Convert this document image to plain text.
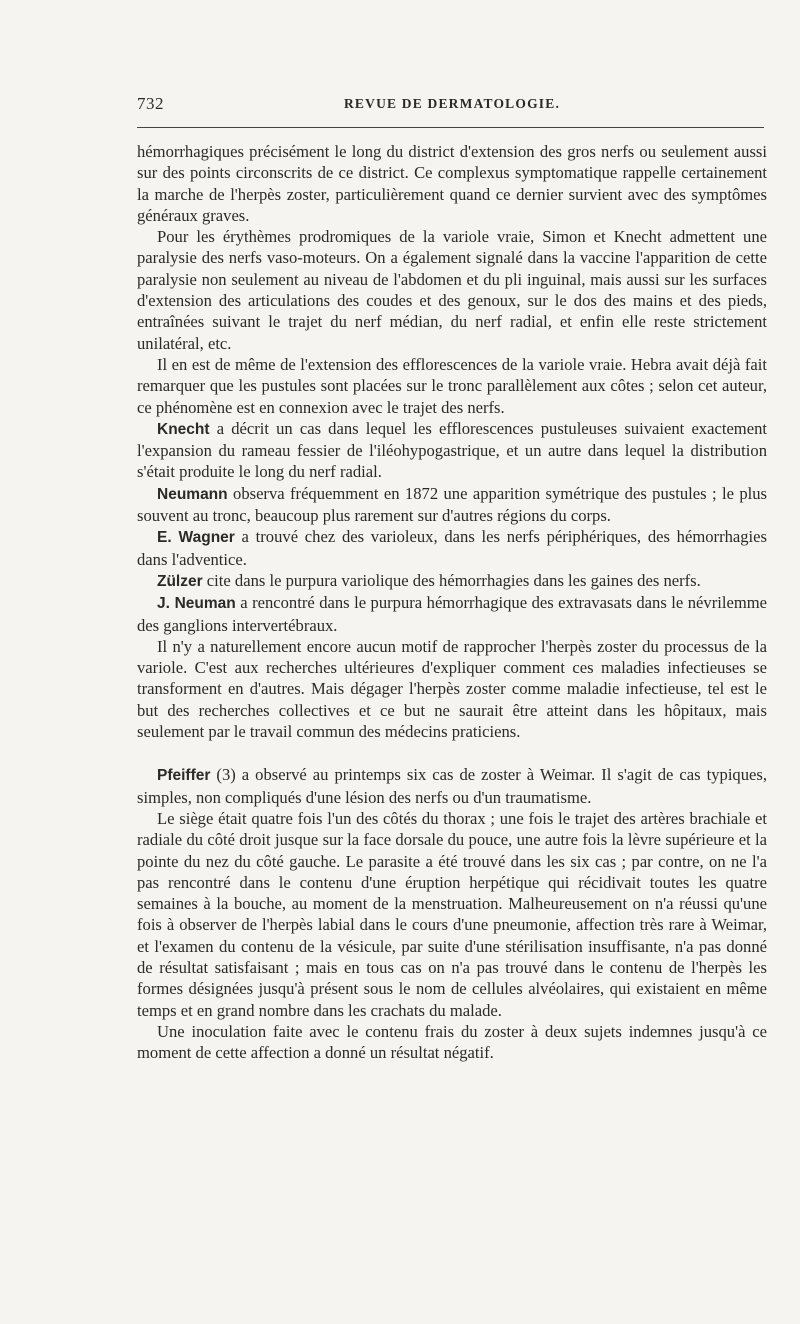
732	REVUE DE DERMATOLOGIE.

hémorrhagiques précisément le long du district d'extension des gros nerfs ou seulement aussi sur des points circonscrits de ce district. Ce complexus symptomatique rappelle certainement la marche de l'herpès zoster, particulièrement quand ce dernier survient avec des symptômes généraux graves.

Pour les érythèmes prodromiques de la variole vraie, Simon et Knecht admettent une paralysie des nerfs vaso-moteurs. On a également signalé dans la vaccine l'apparition de cette paralysie non seulement au niveau de l'abdomen et du pli inguinal, mais aussi sur les surfaces d'extension des articulations des coudes et des genoux, sur le dos des mains et des pieds, entraînées suivant le trajet du nerf médian, du nerf radial, et enfin elle reste strictement unilatéral, etc.

Il en est de même de l'extension des efflorescences de la variole vraie. Hebra avait déjà fait remarquer que les pustules sont placées sur le tronc parallèlement aux côtes ; selon cet auteur, ce phénomène est en connexion avec le trajet des nerfs.

Knecht a décrit un cas dans lequel les efflorescences pustuleuses suivaient exactement l'expansion du rameau fessier de l'iléohypogastrique, et un autre dans lequel la distribution s'était produite le long du nerf radial.

Neumann observa fréquemment en 1872 une apparition symétrique des pustules ; le plus souvent au tronc, beaucoup plus rarement sur d'autres régions du corps.

E. Wagner a trouvé chez des varioleux, dans les nerfs périphériques, des hémorrhagies dans l'adventice.

Zülzer cite dans le purpura variolique des hémorrhagies dans les gaines des nerfs.

J. Neuman a rencontré dans le purpura hémorrhagique des extravasats dans le névrilemme des ganglions intervertébraux.

Il n'y a naturellement encore aucun motif de rapprocher l'herpès zoster du processus de la variole. C'est aux recherches ultérieures d'expliquer comment ces maladies infectieuses se transforment en d'autres. Mais dégager l'herpès zoster comme maladie infectieuse, tel est le but des recherches collectives et ce but ne saurait être atteint dans les hôpitaux, mais seulement par le travail commun des médecins praticiens.

Pfeiffer (3) a observé au printemps six cas de zoster à Weimar. Il s'agit de cas typiques, simples, non compliqués d'une lésion des nerfs ou d'un traumatisme.

Le siège était quatre fois l'un des côtés du thorax ; une fois le trajet des artères brachiale et radiale du côté droit jusque sur la face dorsale du pouce, une autre fois la lèvre supérieure et la pointe du nez du côté gauche. Le parasite a été trouvé dans les six cas ; par contre, on ne l'a pas rencontré dans le contenu d'une éruption herpétique qui récidivait toutes les quatre semaines à la bouche, au moment de la menstruation. Malheureusement on n'a réussi qu'une fois à observer de l'herpès labial dans le cours d'une pneumonie, affection très rare à Weimar, et l'examen du contenu de la vésicule, par suite d'une stérilisation insuffisante, n'a pas donné de résultat satisfaisant ; mais en tous cas on n'a pas trouvé dans le contenu de l'herpès les formes désignées jusqu'à présent sous le nom de cellules alvéolaires, qui existaient en même temps et en grand nombre dans les crachats du malade.

Une inoculation faite avec le contenu frais du zoster à deux sujets indemnes jusqu'à ce moment de cette affection a donné un résultat négatif.
